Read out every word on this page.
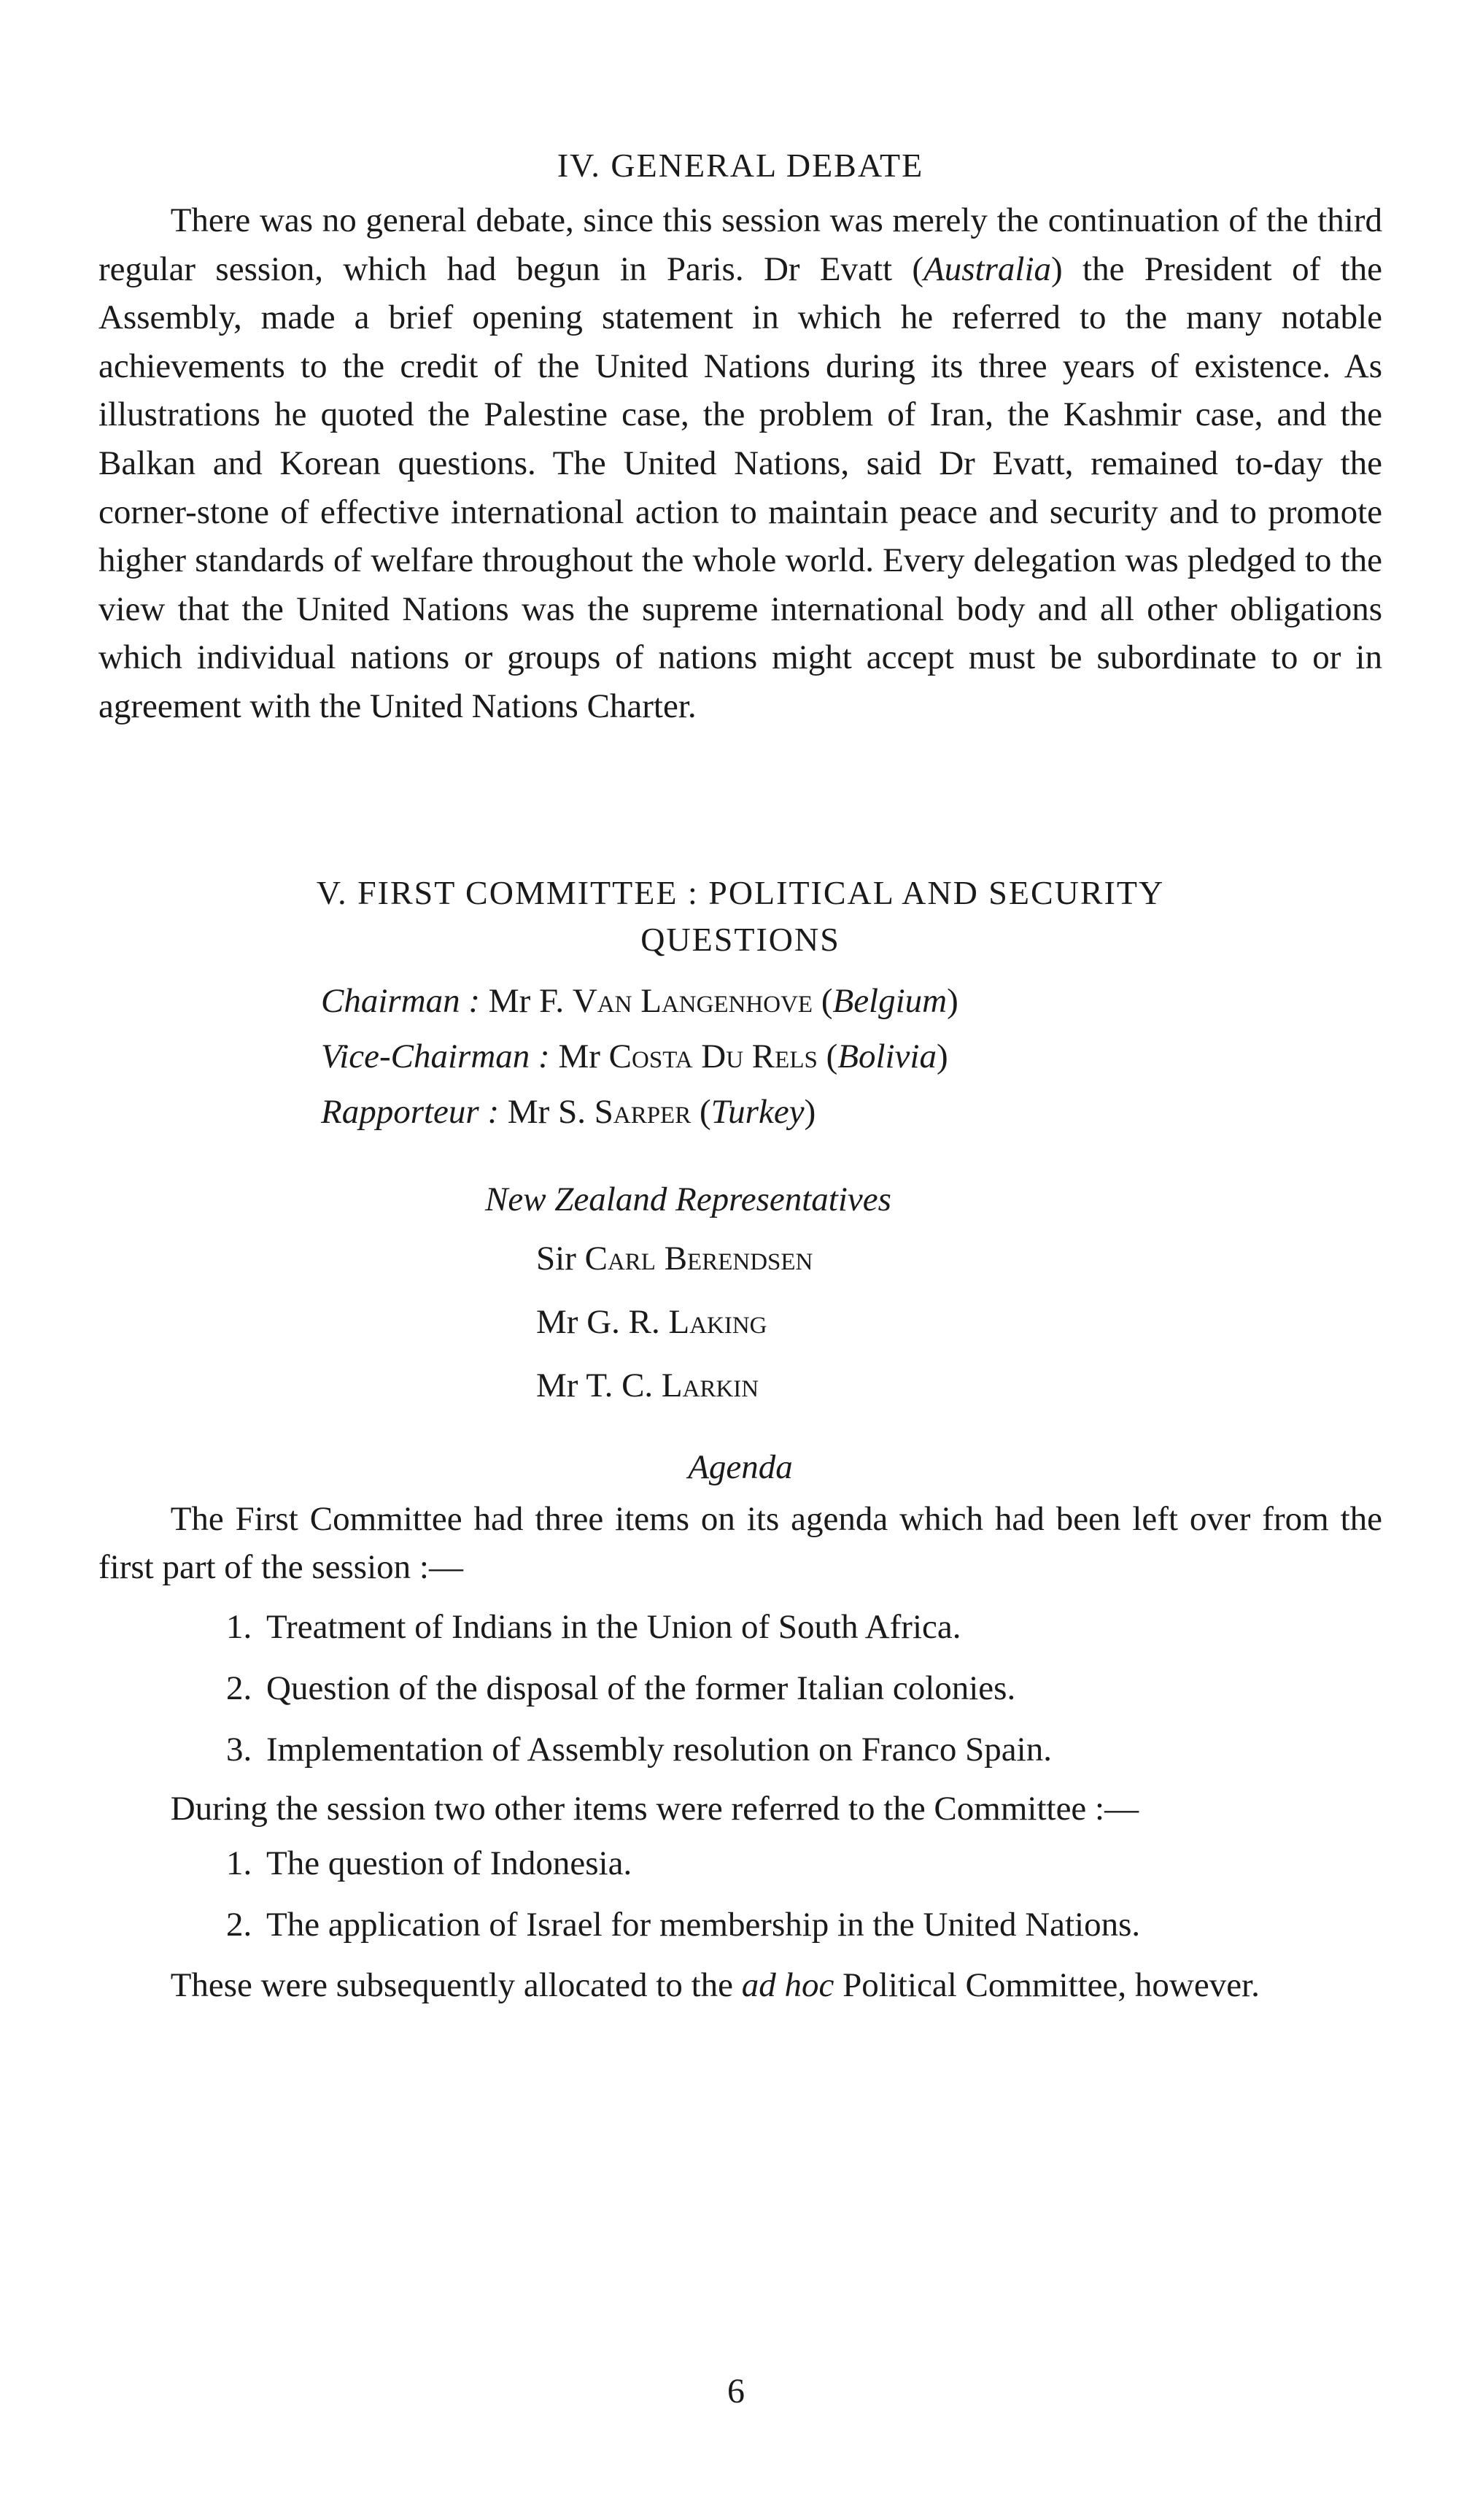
IV. GENERAL DEBATE

There was no general debate, since this session was merely the continuation of the third regular session, which had begun in Paris. Dr Evatt (Australia) the President of the Assembly, made a brief opening statement in which he referred to the many notable achievements to the credit of the United Nations during its three years of existence. As illustrations he quoted the Palestine case, the problem of Iran, the Kashmir case, and the Balkan and Korean questions. The United Nations, said Dr Evatt, remained to-day the corner-stone of effective international action to maintain peace and security and to promote higher standards of welfare throughout the whole world. Every delegation was pledged to the view that the United Nations was the supreme international body and all other obligations which individual nations or groups of nations might accept must be subordinate to or in agreement with the United Nations Charter.

V. FIRST COMMITTEE : POLITICAL AND SECURITY
QUESTIONS
Chairman : Mr F. Van Langenhove (Belgium)
Vice-Chairman : Mr Costa Du Rels (Bolivia)
Rapporteur : Mr S. Sarper (Turkey)
New Zealand Representatives
Sir Carl Berendsen
Mr G. R. Laking
Mr T. C. Larkin

Agenda

The First Committee had three items on its agenda which had been left over from the first part of the session :—

1. Treatment of Indians in the Union of South Africa.
2. Question of the disposal of the former Italian colonies.
3. Implementation of Assembly resolution on Franco Spain.

During the session two other items were referred to the Committee :—

1. The question of Indonesia.
2. The application of Israel for membership in the United Nations.

These were subsequently allocated to the ad hoc Political Committee, however.

6
